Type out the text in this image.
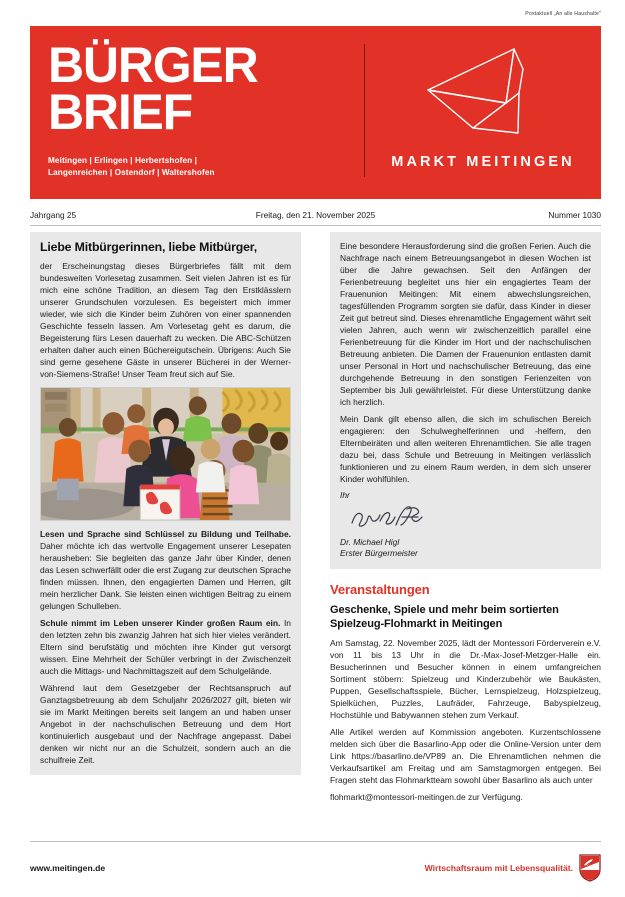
Postaktuell „An alle Haushalte"
BÜRGER
BRIEF
Meitingen | Erlingen | Herbertshofen |
Langenreichen | Ostendorf | Waltershofen
MARKT MEITINGEN
Jahrgang 25	Freitag, den 21. November 2025	Nummer 1030
Liebe Mitbürgerinnen, liebe Mitbürger,

der Erscheinungstag dieses Bürgerbriefes fällt mit dem bundesweiten Vorlesetag zusammen. Seit vielen Jahren ist es für mich eine schöne Tradition, an diesem Tag den Erstklässlern unserer Grundschulen vorzulesen. Es begeistert mich immer wieder, wie sich die Kinder beim Zuhören von einer spannenden Geschichte fesseln lassen. Am Vorlesetag geht es darum, die Begeisterung fürs Lesen dauerhaft zu wecken. Die ABC-Schützen erhalten daher auch einen Büchereigutschein. Übrigens: Auch Sie sind gerne gesehene Gäste in unserer Bücherei in der Werner-von-Siemens-Straße! Unser Team freut sich auf Sie.

Lesen und Sprache sind Schlüssel zu Bildung und Teilhabe. Daher möchte ich das wertvolle Engagement unserer Lesepaten herausheben: Sie begleiten das ganze Jahr über Kinder, denen das Lesen schwerfällt oder die erst Zugang zur deutschen Sprache finden müssen. Ihnen, den engagierten Damen und Herren, gilt mein herzlicher Dank. Sie leisten einen wichtigen Beitrag zu einem gelungen Schulleben.

Schule nimmt im Leben unserer Kinder großen Raum ein. In den letzten zehn bis zwanzig Jahren hat sich hier vieles verändert. Eltern sind berufstätig und möchten ihre Kinder gut versorgt wissen. Eine Mehrheit der Schüler verbringt in der Zwischenzeit auch die Mittags- und Nachmittagszeit auf dem Schulgelände.

Während laut dem Gesetzgeber der Rechtsanspruch auf Ganztagsbetreuung ab dem Schuljahr 2026/2027 gilt, bieten wir sie im Markt Meitingen bereits seit langem an und haben unser Angebot in der nachschulischen Betreuung und dem Hort kontinuierlich ausgebaut und der Nachfrage angepasst. Dabei denken wir nicht nur an die Schulzeit, sondern auch an die schulfreie Zeit.

Eine besondere Herausforderung sind die großen Ferien. Auch die Nachfrage nach einem Betreuungsangebot in diesen Wochen ist über die Jahre gewachsen. Seit den Anfängen der Ferienbetreuung begleitet uns hier ein engagiertes Team der Frauenunion Meitingen: Mit einem abwechslungsreichen, tagesfüllenden Programm sorgten sie dafür, dass Kinder in dieser Zeit gut betreut sind. Dieses ehrenamtliche Engagement währt seit vielen Jahren, auch wenn wir zwischenzeitlich parallel eine Ferienbetreuung für die Kinder im Hort und der nachschulischen Betreuung anbieten. Die Damen der Frauenunion entlasten damit unser Personal in Hort und nachschulischer Betreuung, das eine durchgehende Betreuung in den sonstigen Ferienzeiten von September bis Juli gewährleistet. Für diese Unterstützung danke ich herzlich.

Mein Dank gilt ebenso allen, die sich im schulischen Bereich engagieren: den Schulweghelferinnen und -helfern, den Elternbeiräten und allen weiteren Ehrenamtlichen. Sie alle tragen dazu bei, dass Schule und Betreuung in Meitingen verlässlich funktionieren und zu einem Raum werden, in dem sich unserer Kinder wohlfühlen.

Ihr

Dr. Michael Higl

Erster Bürgermeister

Veranstaltungen
Geschenke, Spiele und mehr beim sortierten Spielzeug-Flohmarkt in Meitingen

Am Samstag, 22. November 2025, lädt der Montessori Förderverein e.V. von 11 bis 13 Uhr in die Dr.-Max-Josef-Metzger-Halle ein. Besucherinnen und Besucher können in einem umfangreichen Sortiment stöbern: Spielzeug und Kinderzubehör wie Baukästen, Puppen, Gesellschaftsspiele, Bücher, Lernspielzeug, Holzspielzeug, Spielküchen, Puzzles, Laufräder, Fahrzeuge, Babyspielzeug, Hochstühle und Babywannen stehen zum Verkauf.

Alle Artikel werden auf Kommission angeboten. Kurzentschlossene melden sich über die Basarlino-App oder die Online-Version unter dem Link https://basarlino.de/VP89 an. Die Ehrenamtlichen nehmen die Verkaufsartikel am Freitag und am Samstagmorgen entgegen. Bei Fragen steht das Flohmarktteam sowohl über Basarlino als auch unter

flohmarkt@montessori-meitingen.de zur Verfügung.

www.meitingen.de	Wirtschaftsraum mit Lebensqualität.
